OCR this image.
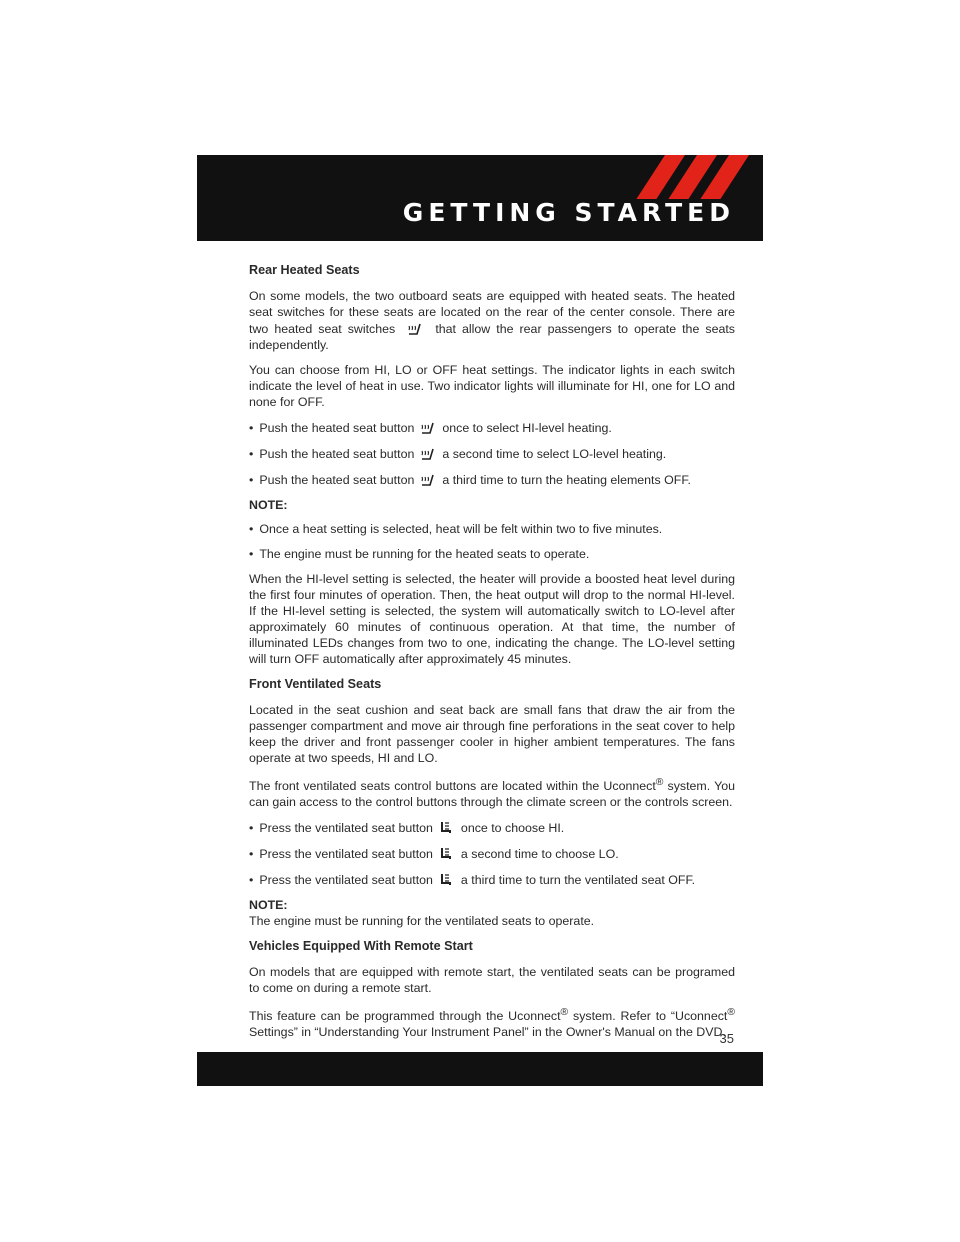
GETTING STARTED
Rear Heated Seats

On some models, the two outboard seats are equipped with heated seats. The heated seat switches for these seats are located on the rear of the center console. There are two heated seat switches	that allow the rear passengers to operate the seats independently.

You can choose from HI, LO or OFF heat settings. The indicator lights in each switch indicate the level of heat in use. Two indicator lights will illuminate for HI, one for LO and none for OFF.

• Push the heated seat button once to select HI-level heating.
• Push the heated seat button a second time to select LO-level heating.
• Push the heated seat button a third time to turn the heating elements OFF.
NOTE:
• Once a heat setting is selected, heat will be felt within two to five minutes.
• The engine must be running for the heated seats to operate.

When the HI-level setting is selected, the heater will provide a boosted heat level during the first four minutes of operation. Then, the heat output will drop to the normal HI-level. If the HI-level setting is selected, the system will automatically switch to LO-level after approximately 60 minutes of continuous operation. At that time, the number of illuminated LEDs changes from two to one, indicating the change. The LO-level setting will turn OFF automatically after approximately 45 minutes.

Front Ventilated Seats

Located in the seat cushion and seat back are small fans that draw the air from the passenger compartment and move air through fine perforations in the seat cover to help keep the driver and front passenger cooler in higher ambient temperatures. The fans operate at two speeds, HI and LO.

The front ventilated seats control buttons are located within the Uconnect® system. You can gain access to the control buttons through the climate screen or the controls screen.

• Press the ventilated seat button once to choose HI.
• Press the ventilated seat button a second time to choose LO.
• Press the ventilated seat button a third time to turn the ventilated seat OFF.
NOTE:

The engine must be running for the ventilated seats to operate.

Vehicles Equipped With Remote Start

On models that are equipped with remote start, the ventilated seats can be programed to come on during a remote start.

This feature can be programmed through the Uconnect® system. Refer to “Uconnect® Settings” in “Understanding Your Instrument Panel” in the Owner's Manual on the DVD.

35
